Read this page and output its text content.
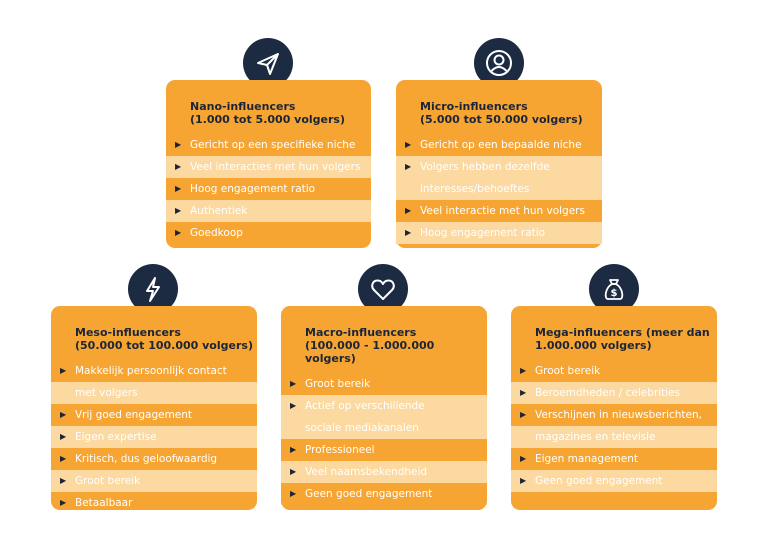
Nano-influencers
(1.000 tot 5.000 volgers)
▶ Gericht op een specifieke niche
▶ Veel interacties met hun volgers
▶ Hoog engagement ratio
▶ Authentiek
▶ Goedkoop
Micro-influencers
(5.000 tot 50.000 volgers)
▶ Gericht op een bepaalde niche
▶ Volgers hebben dezelfde
interesses/behoeftes
▶ Veel interactie met hun volgers
▶ Hoog engagement ratio
Meso-influencers
(50.000 tot 100.000 volgers)
▶ Makkelijk persoonlijk contact
met volgers
▶ Vrij goed engagement
▶ Eigen expertise
▶ Kritisch, dus geloofwaardig
▶ Groot bereik
▶ Betaalbaar
Macro-influencers
(100.000 - 1.000.000 volgers)
▶ Groot bereik
▶ Actief op verschillende
sociale mediakanalen
▶ Professioneel
▶ Veel naamsbekendheid
▶ Geen goed engagement
$
Mega-influencers (meer dan
1.000.000 volgers)
▶ Groot bereik
▶ Beroemdheden / celebrities
▶ Verschijnen in nieuwsberichten,
magazines en televisie
▶ Eigen management
▶ Geen goed engagement
